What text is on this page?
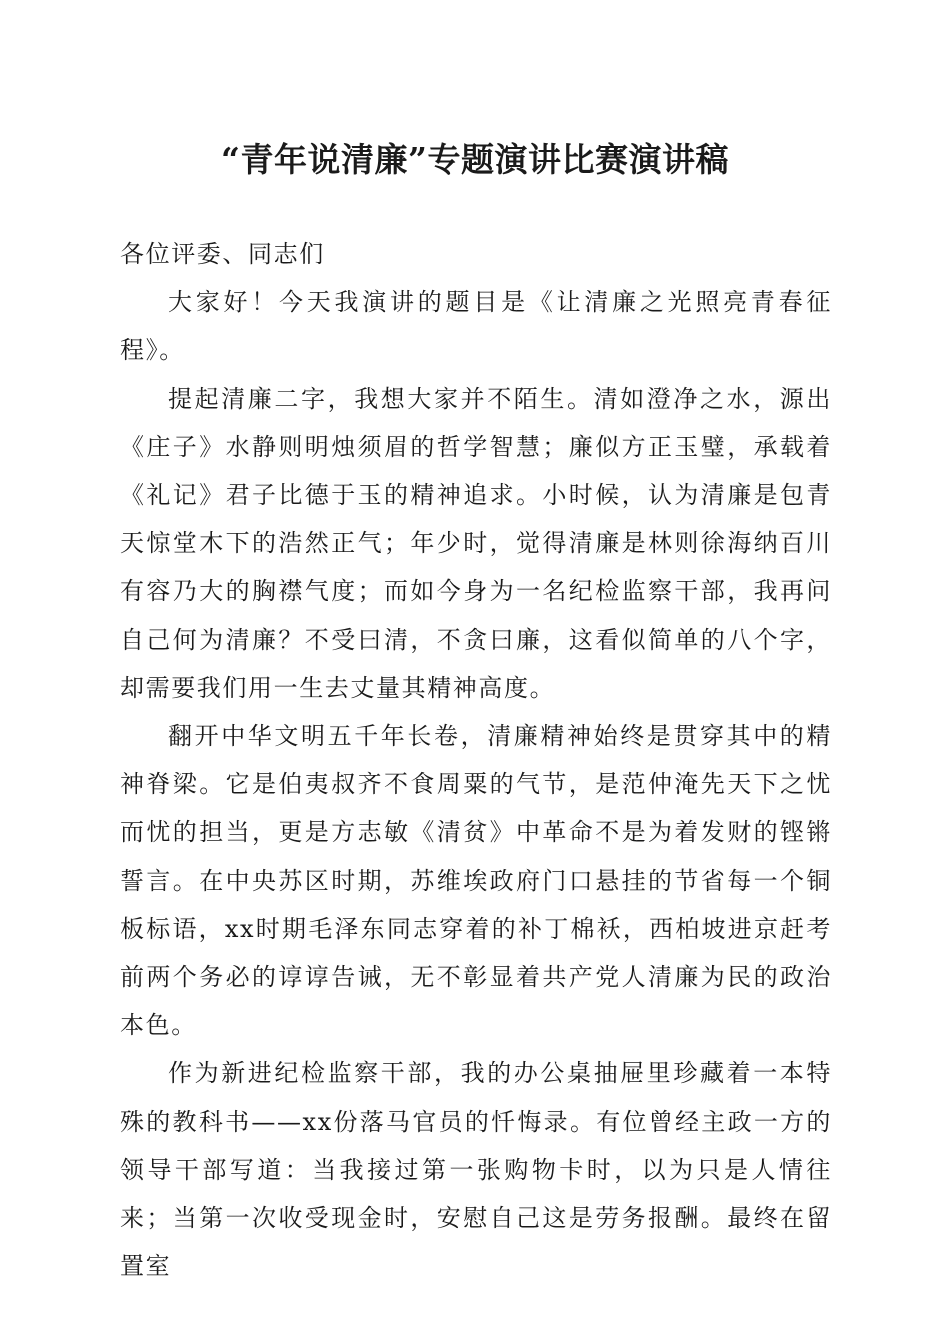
“青年说清廉”专题演讲比赛演讲稿

各位评委、同志们

大家好！今天我演讲的题目是《让清廉之光照亮青春征程》。

提起清廉二字，我想大家并不陌生。清如澄净之水，源出《庄子》水静则明烛须眉的哲学智慧；廉似方正玉璧，承载着《礼记》君子比德于玉的精神追求。小时候，认为清廉是包青天惊堂木下的浩然正气；年少时，觉得清廉是林则徐海纳百川有容乃大的胸襟气度；而如今身为一名纪检监察干部，我再问自己何为清廉？不受曰清，不贪曰廉，这看似简单的八个字，却需要我们用一生去丈量其精神高度。

翻开中华文明五千年长卷，清廉精神始终是贯穿其中的精神脊梁。它是伯夷叔齐不食周粟的气节，是范仲淹先天下之忧而忧的担当，更是方志敏《清贫》中革命不是为着发财的铿锵誓言。在中央苏区时期，苏维埃政府门口悬挂的节省每一个铜板标语，xx时期毛泽东同志穿着的补丁棉袄，西柏坡进京赶考前两个务必的谆谆告诫，无不彰显着共产党人清廉为民的政治本色。

作为新进纪检监察干部，我的办公桌抽屉里珍藏着一本特殊的教科书——xx份落马官员的忏悔录。有位曾经主政一方的领导干部写道：当我接过第一张购物卡时，以为只是人情往来；当第一次收受现金时，安慰自己这是劳务报酬。最终在留置室
